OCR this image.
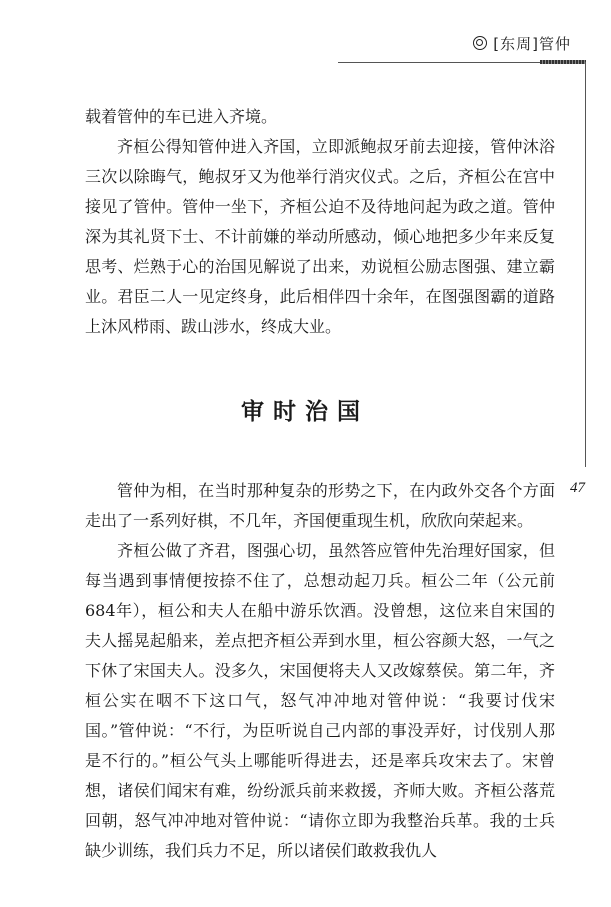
[东周]管仲
47

载着管仲的车已进入齐境。

齐桓公得知管仲进入齐国，立即派鲍叔牙前去迎接，管仲沐浴三次以除晦气，鲍叔牙又为他举行消灾仪式。之后，齐桓公在宫中接见了管仲。管仲一坐下，齐桓公迫不及待地问起为政之道。管仲深为其礼贤下士、不计前嫌的举动所感动，倾心地把多少年来反复思考、烂熟于心的治国见解说了出来，劝说桓公励志图强、建立霸业。君臣二人一见定终身，此后相伴四十余年，在图强图霸的道路上沐风栉雨、跋山涉水，终成大业。

审时治国

管仲为相，在当时那种复杂的形势之下，在内政外交各个方面走出了一系列好棋，不几年，齐国便重现生机，欣欣向荣起来。

齐桓公做了齐君，图强心切，虽然答应管仲先治理好国家，但每当遇到事情便按捺不住了，总想动起刀兵。桓公二年（公元前684年），桓公和夫人在船中游乐饮酒。没曾想，这位来自宋国的夫人摇晃起船来，差点把齐桓公弄到水里，桓公容颜大怒，一气之下休了宋国夫人。没多久，宋国便将夫人又改嫁蔡侯。第二年，齐桓公实在咽不下这口气，怒气冲冲地对管仲说：“我要讨伐宋国。”管仲说：“不行，为臣听说自己内部的事没弄好，讨伐别人那是不行的。”桓公气头上哪能听得进去，还是率兵攻宋去了。宋曾想，诸侯们闻宋有难，纷纷派兵前来救援，齐师大败。齐桓公落荒回朝，怒气冲冲地对管仲说：“请你立即为我整治兵革。我的士兵缺少训练，我们兵力不足，所以诸侯们敢救我仇人
